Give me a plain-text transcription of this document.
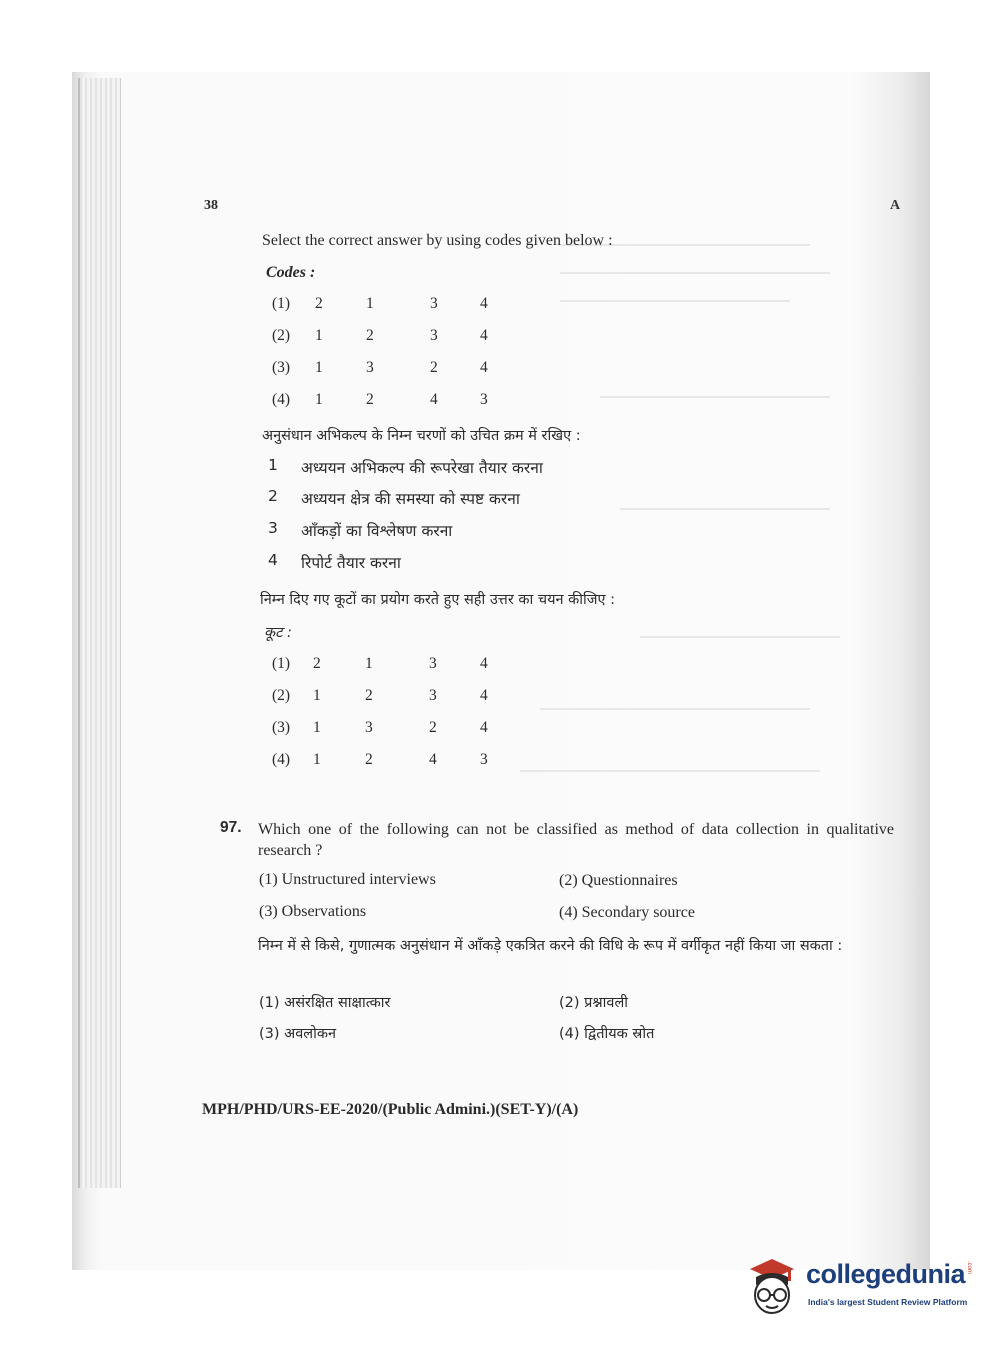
38	A
Select the correct answer by using codes given below :
Codes :
(1) 2	1	3	4
(2) 1	2	3	4
(3) 1	3	2	4
(4) 1	2	4	3
अनुसंधान अभिकल्प के निम्न चरणों को उचित क्रम में रखिए :
1 अध्ययन अभिकल्प की रूपरेखा तैयार करना
2 अध्ययन क्षेत्र की समस्या को स्पष्ट करना
3 आँकड़ों का विश्लेषण करना
4 रिपोर्ट तैयार करना
निम्न दिए गए कूटों का प्रयोग करते हुए सही उत्तर का चयन कीजिए :
कूट :
(1) 2	1	3	4
(2) 1	2	3	4
(3) 1	3	2	4
(4) 1	2	4	3
97. Which one of the following can not be classified as method of data collection in qualitative research ?
(1) Unstructured interviews	(2) Questionnaires
(3) Observations	(4) Secondary source
निम्न में से किसे, गुणात्मक अनुसंधान में आँकड़े एकत्रित करने की विधि के रूप में वर्गीकृत नहीं किया जा सकता :
(1) असंरक्षित साक्षात्कार	(2) प्रश्नावली
(3) अवलोकन	(4) द्वितीयक स्रोत
MPH/PHD/URS-EE-2020/(Public Admini.)(SET-Y)/(A)
collegedunia .com
India's largest Student Review Platform
